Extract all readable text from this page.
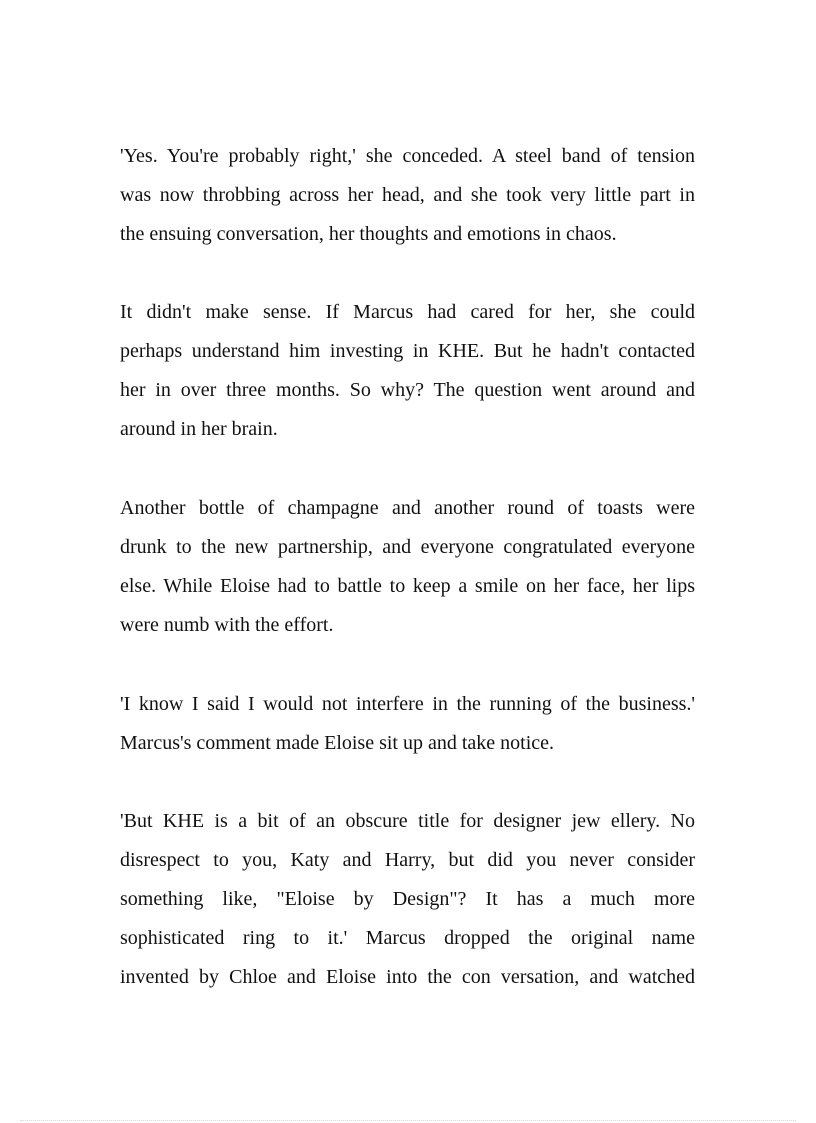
'Yes. You're probably right,' she conceded. A steel band of tension
was now throbbing across her head, and she took very little part in
the ensuing conversation, her thoughts and emotions in chaos.
It didn't make sense. If Marcus had cared for her, she could
perhaps understand him investing in KHE. But he hadn't contacted
her in over three months. So why? The question went around and
around in her brain.
Another bottle of champagne and another round of toasts were
drunk to the new partnership, and everyone congratulated everyone
else. While Eloise had to battle to keep a smile on her face, her lips
were numb with the effort.
'I know I said I would not interfere in the running of the business.'
Marcus's comment made Eloise sit up and take notice.
'But KHE is a bit of an obscure title for designer jew ellery. No
disrespect to you, Katy and Harry, but did you never consider
something like, "Eloise by Design"? It has a much more
sophisticated ring to it.' Marcus dropped the original name
invented by Chloe and Eloise into the con versation, and watched
